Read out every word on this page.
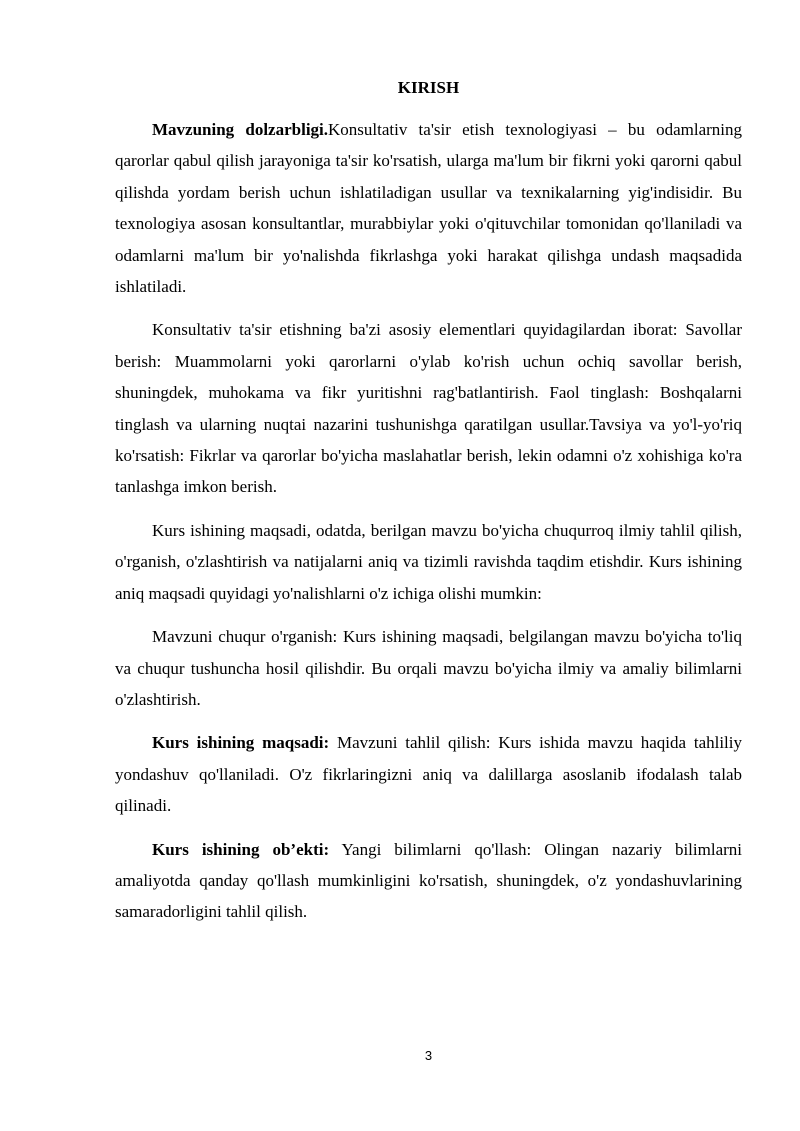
KIRISH

Mavzuning dolzarbligi.Konsultativ ta'sir etish texnologiyasi – bu odamlarning qarorlar qabul qilish jarayoniga ta'sir ko'rsatish, ularga ma'lum bir fikrni yoki qarorni qabul qilishda yordam berish uchun ishlatiladigan usullar va texnikalarning yig'indisidir. Bu texnologiya asosan konsultantlar, murabbiylar yoki o'qituvchilar tomonidan qo'llaniladi va odamlarni ma'lum bir yo'nalishda fikrlashga yoki harakat qilishga undash maqsadida ishlatiladi.

Konsultativ ta'sir etishning ba'zi asosiy elementlari quyidagilardan iborat: Savollar berish: Muammolarni yoki qarorlarni o'ylab ko'rish uchun ochiq savollar berish, shuningdek, muhokama va fikr yuritishni rag'batlantirish. Faol tinglash: Boshqalarni tinglash va ularning nuqtai nazarini tushunishga qaratilgan usullar.Tavsiya va yo'l-yo'riq ko'rsatish: Fikrlar va qarorlar bo'yicha maslahatlar berish, lekin odamni o'z xohishiga ko'ra tanlashga imkon berish.

Kurs ishining maqsadi, odatda, berilgan mavzu bo'yicha chuqurroq ilmiy tahlil qilish, o'rganish, o'zlashtirish va natijalarni aniq va tizimli ravishda taqdim etishdir. Kurs ishining aniq maqsadi quyidagi yo'nalishlarni o'z ichiga olishi mumkin:

Mavzuni chuqur o'rganish: Kurs ishining maqsadi, belgilangan mavzu bo'yicha to'liq va chuqur tushuncha hosil qilishdir. Bu orqali mavzu bo'yicha ilmiy va amaliy bilimlarni o'zlashtirish.

Kurs ishining maqsadi: Mavzuni tahlil qilish: Kurs ishida mavzu haqida tahliliy yondashuv qo'llaniladi. O'z fikrlaringizni aniq va dalillarga asoslanib ifodalash talab qilinadi.

Kurs ishining ob’ekti: Yangi bilimlarni qo'llash: Olingan nazariy bilimlarni amaliyotda qanday qo'llash mumkinligini ko'rsatish, shuningdek, o'z yondashuvlarining samaradorligini tahlil qilish.

3
